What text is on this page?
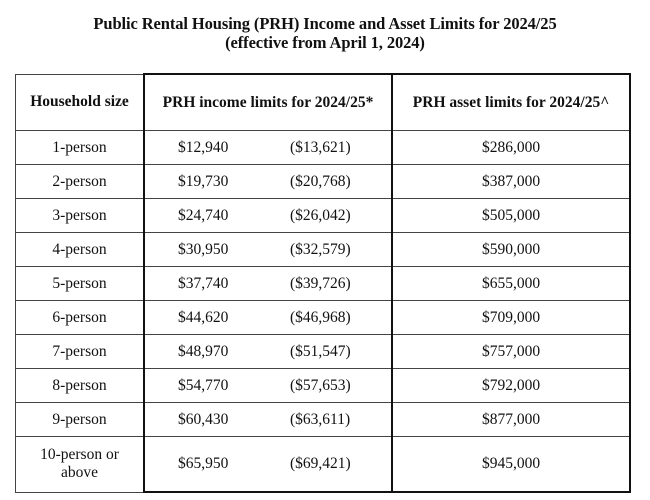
Public Rental Housing (PRH) Income and Asset Limits for 2024/25
(effective from April 1, 2024)
Household size	PRH income limits for 2024/25*		PRH asset limits for 2024/25^
1-person	$12,940	($13,621)	$286,000
2-person	$19,730	($20,768)	$387,000
3-person	$24,740	($26,042)	$505,000
4-person	$30,950	($32,579)	$590,000
5-person	$37,740	($39,726)	$655,000
6-person	$44,620	($46,968)	$709,000
7-person	$48,970	($51,547)	$757,000
8-person	$54,770	($57,653)	$792,000
9-person	$60,430	($63,611)	$877,000

10-person or
above	$65,950	($69,421)	$945,000
